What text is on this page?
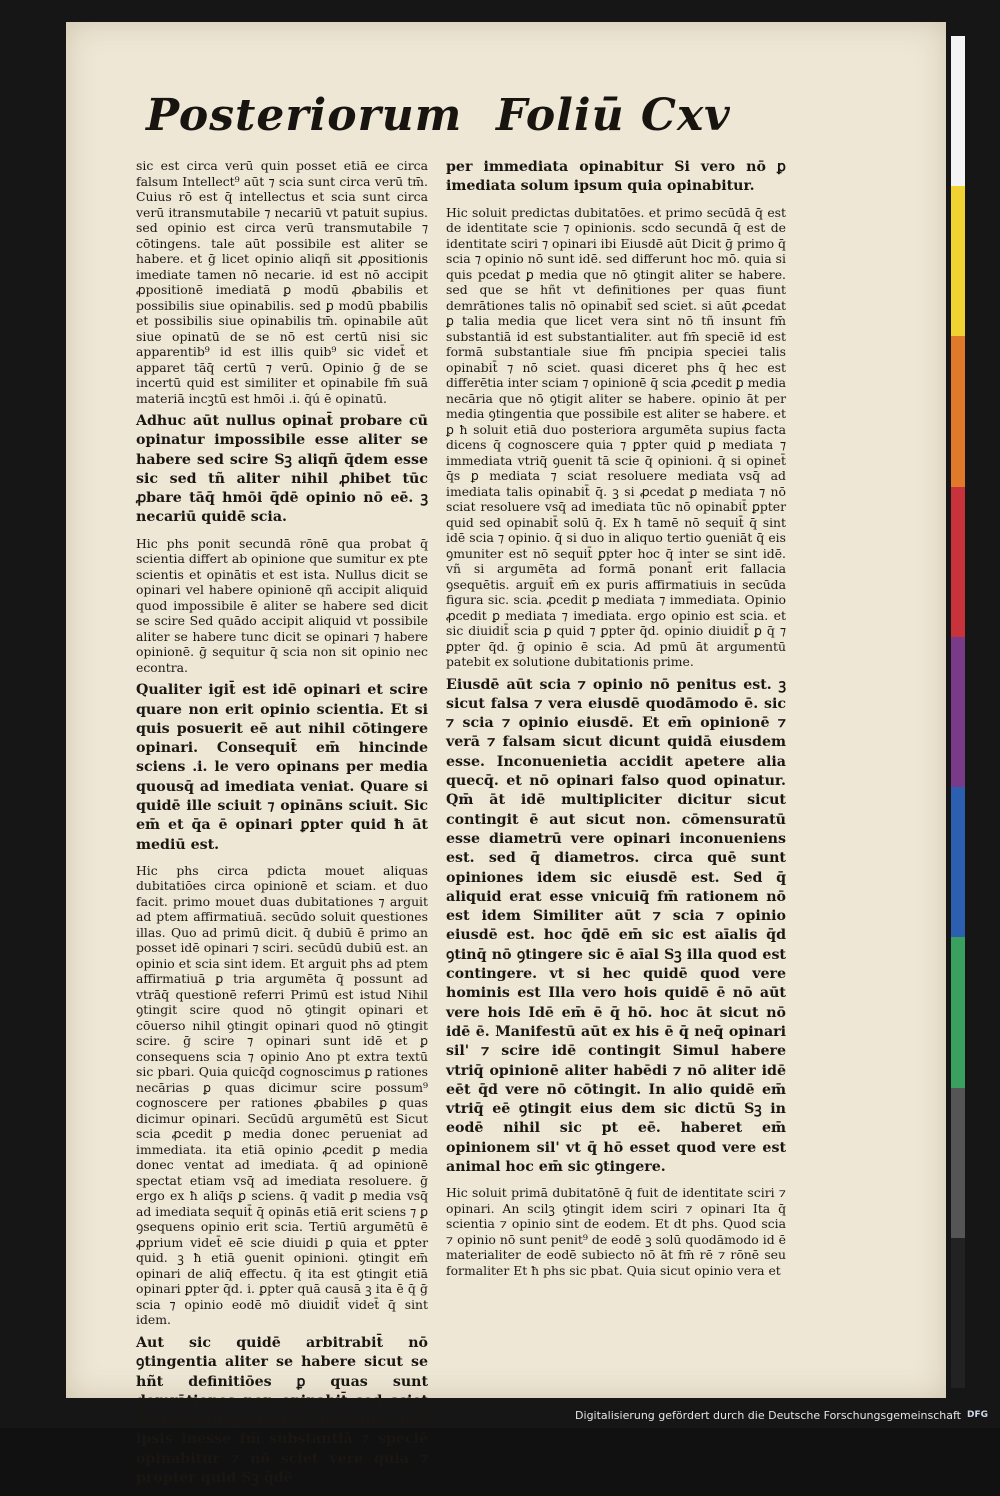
Posteriorum Foliū Cxv

sic est circa verū quin posset etiā ee circa falsum Intellect⁹ aūt ⁊ scia sunt circa verū tm̄. Cuius rō est q̄ intellectus et scia sunt circa verū itransmutabile ⁊ necariū vt patuit supius. sed opinio est circa verū transmutabile ⁊ cōtingens. tale aūt possibile est aliter se habere. et ḡ licet opinio aliqñ sit ꝓpositionis imediate tamen nō necarie. id est nō accipit ꝓpositionē imediatā ꝑ modū ꝓbabilis et possibilis siue opinabilis. sed ꝑ modū pbabilis et possibilis siue opinabilis tm̄. opinabile aūt siue opinatū de se nō est certū nisi sic apparentib⁹ id est illis quib⁹ sic videt̄ et apparet tāq̄ certū ⁊ verū. Opinio ḡ de se incertū quid est similiter et opinabile fm̄ suā materiā incꝫtū est hmōi .i. q̄ú ē opinatū.

Adhuc aūt nullus opinat̄ probare cū opinatur impossibile esse aliter se habere sed scire Sꝫ aliqñ q̄dem esse sic sed tñ aliter nihil ꝓhibet tūc ꝓbare tāq̄ hmōi q̄dē opinio nō eē. ꝫ necariū quidē scia.

Hic phs ponit secundā rōnē qua probat q̄ scientia differt ab opinione que sumitur ex pte scientis et opinātis et est ista. Nullus dicit se opinari vel habere opinionē qñ accipit aliquid quod impossibile ē aliter se habere sed dicit se scire Sed quādo accipit aliquid vt possibile aliter se habere tunc dicit se opinari ⁊ habere opinionē. ḡ sequitur q̄ scia non sit opinio nec econtra.

Qualiter igit̄ est idē opinari et scire quare non erit opinio scientia. Et si quis posuerit eē aut nihil cōtingere opinari. Consequit̄ em̄ hincinde sciens .i. le vero opinans per media quousq̄ ad imediata veniat. Quare si quidē ille sciuit ⁊ opināns sciuit. Sic em̄ et q̄a ē opinari ꝑpter quid ħ āt mediū est.

Hic phs circa pdicta mouet aliquas dubitatiōes circa opinionē et sciam. et duo facit. primo mouet duas dubitationes ⁊ arguit ad ptem affirmatiuā. secūdo soluit questiones illas. Quo ad primū dicit. q̄ dubiū ē primo an posset idē opinari ⁊ sciri. secūdū dubiū est. an opinio et scia sint idem. Et arguit phs ad ptem affirmatiuā ꝑ tria argumēta q̄ possunt ad vtrāq̄ questionē referri Primū est istud Nihil ꝯtingit scire quod nō ꝯtingit opinari et cōuerso nihil ꝯtingit opinari quod nō ꝯtingit scire. ḡ scire ⁊ opinari sunt idē et ꝑ consequens scia ⁊ opinio Ano pt extra textū sic pbari. Quia quicq̄d cognoscimus ꝑ rationes necārias ꝑ quas dicimur scire possum⁹ cognoscere per rationes ꝓbabiles ꝑ quas dicimur opinari. Secūdū argumētū est Sicut scia ꝓcedit ꝑ media donec perueniat ad immediata. ita etiā opinio ꝓcedit ꝑ media donec ventat ad imediata. q̄ ad opinionē spectat etiam vsq̄ ad imediata resoluere. ḡ ergo ex ħ aliq̄s ꝑ sciens. q̄ vadit ꝑ media vsq̄ ad imediata sequit̄ q̄ opinās etiā erit sciens ⁊ ꝑ ꝯsequens opinio erit scia. Tertiū argumētū ē ꝓprium videt̄ eē scie diuidi ꝑ quia et ꝑpter quid. ꝫ ħ etiā ꝯuenit opinioni. ꝯtingit em̄ opinari de aliq̄ effectu. q̄ ita est ꝯtingit etiā opinari ꝑpter q̄d. i. ꝑpter quā causā ꝫ ita ē q̄ ḡ scia ⁊ opinio eodē mō diuidit̄ videt̄ q̄ sint idem.

Aut sic quidē arbitrabit̄ nō ꝯtingentia aliter se habere sicut se hñt definitiōes ꝑ quas sunt demrātiones non opinabit̄ sed sciet Si aūt vera quidem eē. nō tamen hec ipsis inesse fm̄ substantiā ⁊ speciē opinabitur ⁊ nō sciet vere quia ⁊ propter quid Sꝫ q̄dē

per immediata opinabitur Si vero nō ꝑ imediata solum ipsum quia opinabitur.

Hic soluit predictas dubitatōes. et primo secūdā q̄ est de identitate scie ⁊ opinionis. scdo secundā q̄ est de identitate sciri ⁊ opinari ibi Eiusdē aūt Dicit ḡ primo q̄ scia ⁊ opinio nō sunt idē. sed differunt hoc mō. quia si quis pcedat ꝑ media que nō ꝯtingit aliter se habere. sed que se hñt vt definitiones per quas fiunt demrātiones talis nō opinabit̄ sed sciet. si aūt ꝓcedat ꝑ talia media que licet vera sint nō tñ insunt fm̄ substantiā id est substantialiter. aut fm̄ speciē id est formā substantiale siue fm̄ pncipia speciei talis opinabit̄ ⁊ nō sciet. quasi diceret phs q̄ hec est differētia inter sciam ⁊ opinionē q̄ scia ꝓcedit ꝑ media necāria que nō ꝯtigit aliter se habere. opinio āt per media ꝯtingentia que possibile est aliter se habere. et ꝑ ħ soluit etiā duo posteriora argumēta supius facta dicens q̄ cognoscere quia ⁊ ꝑpter quid ꝑ mediata ⁊ immediata vtriq̄ ꝯuenit tā scie q̄ opinioni. q̄ si opinet̄ q̄s ꝑ mediata ⁊ sciat resoluere mediata vsq̄ ad imediata talis opinabit̄ q̄. ꝫ si ꝓcedat ꝑ mediata ⁊ nō sciat resoluere vsq̄ ad imediata tūc nō opinabit̄ ꝑpter quid sed opinabit̄ solū q̄. Ex ħ tamē nō sequit̄ q̄ sint idē scia ⁊ opinio. q̄ si duo in aliquo tertio ꝯueniāt q̄ eis ꝯmuniter est nō sequit̄ ꝑpter hoc q̄ inter se sint idē. vñ si argumēta ad formā ponant̄ erit fallacia ꝯsequētis. arguit̄ em̄ ex puris affirmatiuis in secūda figura sic. scia. ꝓcedit ꝑ mediata ⁊ immediata. Opinio ꝓcedit ꝑ mediata ⁊ imediata. ergo opinio est scia. et sic diuidit̄ scia ꝑ quid ⁊ ꝑpter q̄d. opinio diuidit̄ ꝑ q̄ ⁊ ꝑpter q̄d. ḡ opinio ē scia. Ad pmū āt argumentū patebit ex solutione dubitationis prime.

Eiusdē aūt scia ⁊ opinio nō penitus est. ꝫ sicut falsa ⁊ vera eiusdē quodāmodo ē. sic ⁊ scia ⁊ opinio eiusdē. Et em̄ opinionē ⁊ verā ⁊ falsam sicut dicunt quidā eiusdem esse. Inconuenietia accidit apetere alia quecq̄. et nō opinari falso quod opinatur. Qm̄ āt idē multipliciter dicitur sicut contingit ē aut sicut non. cōmensuratū esse diametrū vere opinari inconueniens est. sed q̄ diametros. circa quē sunt opiniones idem sic eiusdē est. Sed q̄ aliquid erat esse vnicuiq̄ fm̄ rationem nō est idem Similiter aūt ⁊ scia ⁊ opinio eiusdē est. hoc q̄dē em̄ sic est aīalis q̄d ꝯtinq̄ nō ꝯtingere sic ē aīal Sꝫ illa quod est contingere. vt si hec quidē quod vere hominis est Illa vero hois quidē ē nō aūt vere hois Idē em̄ ē q̄ hō. hoc āt sicut nō idē ē. Manifestū aūt ex his ē q̄ neq̄ opinari sil' ⁊ scire idē contingit Simul habere vtriq̄ opinionē aliter habēdi ⁊ nō aliter idē eēt q̄d vere nō cōtingit. In alio quidē em̄ vtriq̄ eē ꝯtingit eius dem sic dictū Sꝫ in eodē nihil sic pt eē. haberet em̄ opinionem sil' vt q̄ hō esset quod vere est animal hoc em̄ sic ꝯtingere.

Hic soluit primā dubitatōnē q̄ fuit de identitate sciri ⁊ opinari. An scilꝫ ꝯtingit idem sciri ⁊ opinari Ita q̄ scientia ⁊ opinio sint de eodem. Et dt phs. Quod scia ⁊ opinio nō sunt penit⁹ de eodē ꝫ solū quodāmodo id ē materialiter de eodē subiecto nō āt fm̄ rē ⁊ rōnē seu formaliter Et ħ phs sic pbat. Quia sicut opinio vera et

Digitalisierung gefördert durch die Deutsche Forschungsgemeinschaft DFG
